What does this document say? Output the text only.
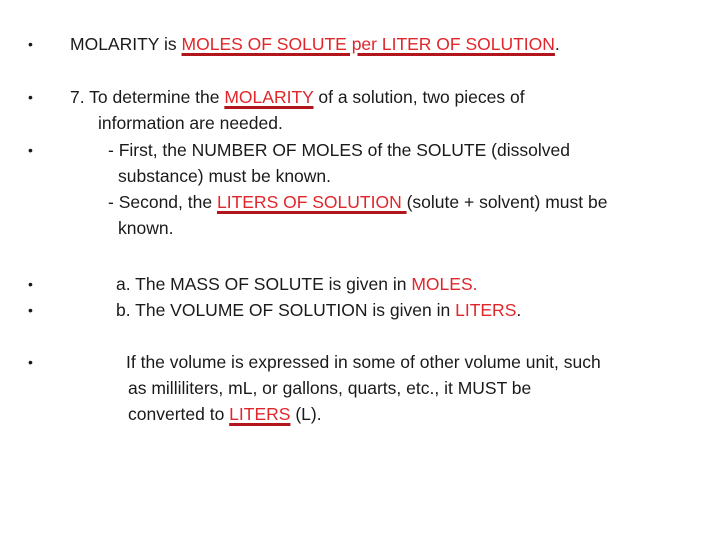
• MOLARITY is MOLES OF SOLUTE per LITER OF SOLUTION.
• 7. To determine the MOLARITY of a solution, two pieces of
information are needed.
•	- First, the NUMBER OF MOLES of the SOLUTE (dissolved
substance) must be known.
- Second, the LITERS OF SOLUTION (solute + solvent) must be
known.
•	a. The MASS OF SOLUTE is given in MOLES.
•	b. The VOLUME OF SOLUTION is given in LITERS.
•	If the volume is expressed in some of other volume unit, such
as milliliters, mL, or gallons, quarts, etc., it MUST be
converted to LITERS (L).
